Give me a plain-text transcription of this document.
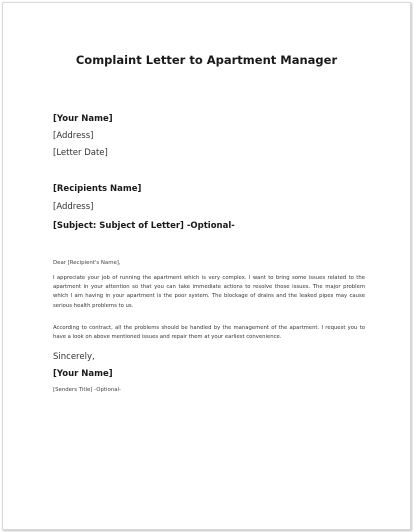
Complaint Letter to Apartment Manager
[Your Name]
[Address]
[Letter Date]
[Recipients Name]
[Address]
[Subject: Subject of Letter] -Optional-
Dear [Recipient's Name],
I appreciate your job of running the apartment which is very complex. I want to bring some issues related to the apartment in your attention so that you can take immediate actions to resolve those issues. The major problem which I am having in your apartment is the poor system. The blockage of drains and the leaked pipes may cause serious health problems to us.
According to contract, all the problems should be handled by the management of the apartment. I request you to have a look on above mentioned issues and repair them at your earliest convenience.
Sincerely,
[Your Name]
[Senders Title] -Optional-
